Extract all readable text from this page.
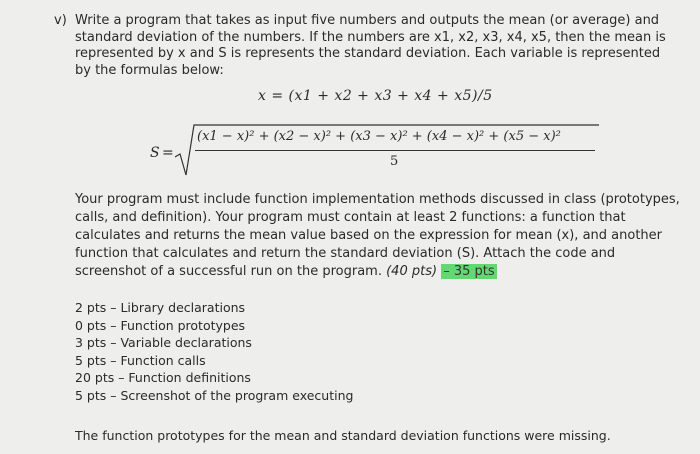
v) Write a program that takes as input five numbers and outputs the mean (or average) and standard deviation of the numbers. If the numbers are x1, x2, x3, x4, x5, then the mean is represented by x and S is represents the standard deviation. Each variable is represented by the formulas below:
x = (x1 + x2 + x3 + x4 + x5)/5
S =
(x1 − x)² + (x2 − x)² + (x3 − x)² + (x4 − x)² + (x5 − x)²
5
Your program must include function implementation methods discussed in class (prototypes, calls, and definition). Your program must contain at least 2 functions: a function that calculates and returns the mean value based on the expression for mean (x), and another function that calculates and return the standard deviation (S). Attach the code and screenshot of a successful run on the program. (40 pts) – 35 pts
2 pts – Library declarations
0 pts – Function prototypes
3 pts – Variable declarations
5 pts – Function calls
20 pts – Function definitions
5 pts – Screenshot of the program executing
The function prototypes for the mean and standard deviation functions were missing.
